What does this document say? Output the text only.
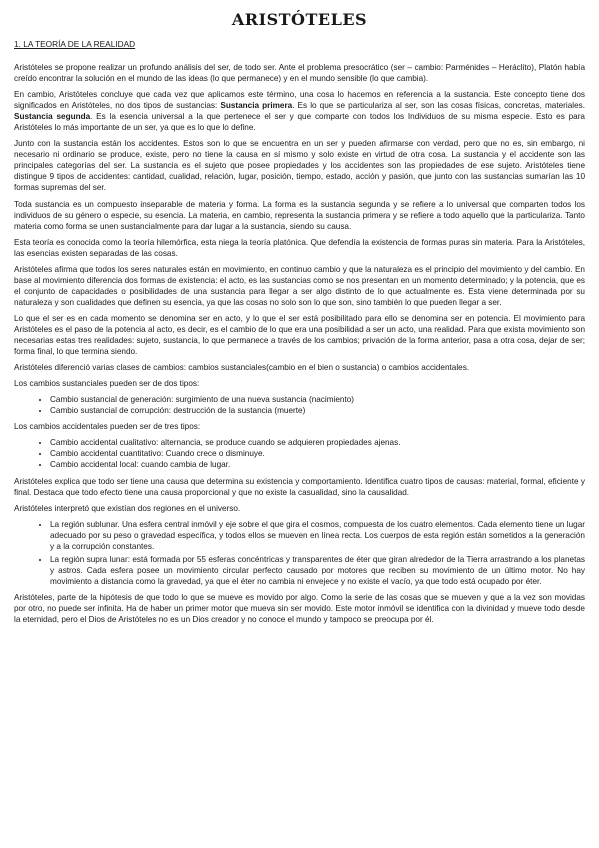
ARISTÓTELES
1. LA TEORÍA DE LA REALIDAD

Aristóteles se propone realizar un profundo análisis del ser, de todo ser. Ante el problema presocrático (ser – cambio: Parménides – Heráclito), Platón había creído encontrar la solución en el mundo de las ideas (lo que permanece) y en el mundo sensible (lo que cambia).

En cambio, Aristóteles concluye que cada vez que aplicamos este término, una cosa lo hacemos en referencia a la sustancia. Este concepto tiene dos significados en Aristóteles, no dos tipos de sustancias: Sustancia primera. Es lo que se particulariza al ser, son las cosas físicas, concretas, materiales. Sustancia segunda. Es la esencia universal a la que pertenece el ser y que comparte con todos los Individuos de su misma especie. Esto es para Aristóteles lo más importante de un ser, ya que es lo que lo define.

Junto con la sustancia están los accidentes. Estos son lo que se encuentra en un ser y pueden afirmarse con verdad, pero que no es, sin embargo, ni necesario ni ordinario se produce, existe, pero no tiene la causa en sí mismo y solo existe en virtud de otra cosa. La sustancia y el accidente son las principales categorías del ser. La sustancia es el sujeto que posee propiedades y los accidentes son las propiedades de ese sujeto. Aristóteles tiene distingue 9 tipos de accidentes: cantidad, cualidad, relación, lugar, posición, tiempo, estado, acción y pasión, que junto con las sustancias sumarían las 10 formas supremas del ser.

Toda sustancia es un compuesto inseparable de materia y forma. La forma es la sustancia segunda y se refiere a lo universal que comparten todos los individuos de su género o especie, su esencia. La materia, en cambio, representa la sustancia primera y se refiere a todo aquello que la particulariza. Tanto materia como forma se unen sustancialmente para dar lugar a la sustancia, siendo su causa.

Esta teoría es conocida como la teoría hilemórfica, esta niega la teoría platónica. Que defendía la existencia de formas puras sin materia. Para la Aristóteles, las esencias existen separadas de las cosas.

Aristóteles afirma que todos los seres naturales están en movimiento, en continuo cambio y que la naturaleza es el principio del movimiento y del cambio. En base al movimiento diferencia dos formas de existencia: el acto, es las sustancias como se nos presentan en un momento determinado; y la potencia, que es el conjunto de capacidades o posibilidades de una sustancia para llegar a ser algo distinto de lo que actualmente es. Esta viene determinada por su naturaleza y son cualidades que definen su esencia, ya que las cosas no solo son lo que son, sino también lo que pueden llegar a ser.

Lo que el ser es en cada momento se denomina ser en acto, y lo que el ser está posibilitado para ello se denomina ser en potencia. El movimiento para Aristóteles es el paso de la potencia al acto, es decir, es el cambio de lo que era una posibilidad a ser un acto, una realidad. Para que exista movimiento son necesarias estas tres realidades: sujeto, sustancia, lo que permanece a través de los cambios; privación de la forma anterior, pasa a otra cosa, dejar de ser; forma final, lo que termina siendo.

Aristóteles diferenció varias clases de cambios: cambios sustanciales(cambio en el bien o sustancia) o cambios accidentales.

Los cambios sustanciales pueden ser de dos tipos:

• Cambio sustancial de generación: surgimiento de una nueva sustancia (nacimiento)
• Cambio sustancial de corrupción: destrucción de la sustancia (muerte)

Los cambios accidentales pueden ser de tres tipos:

• Cambio accidental cualitativo: alternancia, se produce cuando se adquieren propiedades ajenas.
• Cambio accidental cuantitativo: Cuando crece o disminuye.
• Cambio accidental local: cuando cambia de lugar.

Aristóteles explica que todo ser tiene una causa que determina su existencia y comportamiento. Identifica cuatro tipos de causas: material, formal, eficiente y final. Destaca que todo efecto tiene una causa proporcional y que no existe la casualidad, sino la causalidad.

Aristóteles interpretó que existían dos regiones en el universo.

• La región sublunar. Una esfera central inmóvil y eje sobre el que gira el cosmos, compuesta de los cuatro elementos. Cada elemento tiene un lugar adecuado por su peso o gravedad específica, y todos ellos se mueven en línea recta. Los cuerpos de esta región están sometidos a la generación y a la corrupción constantes.
• La región supra lunar: está formada por 55 esferas concéntricas y transparentes de éter que giran alrededor de la Tierra arrastrando a los planetas y astros. Cada esfera posee un movimiento circular perfecto causado por motores que reciben su movimiento de un último motor. No hay movimiento a distancia como la gravedad, ya que el éter no cambia ni envejece y no existe el vacío, ya que todo está ocupado por éter.

Aristóteles, parte de la hipótesis de que todo lo que se mueve es movido por algo. Como la serie de las cosas que se mueven y que a la vez son movidas por otro, no puede ser infinita. Ha de haber un primer motor que mueva sin ser movido. Este motor inmóvil se identifica con la divinidad y mueve todo desde la eternidad, pero el Dios de Aristóteles no es un Dios creador y no conoce el mundo y tampoco se preocupa por él.
